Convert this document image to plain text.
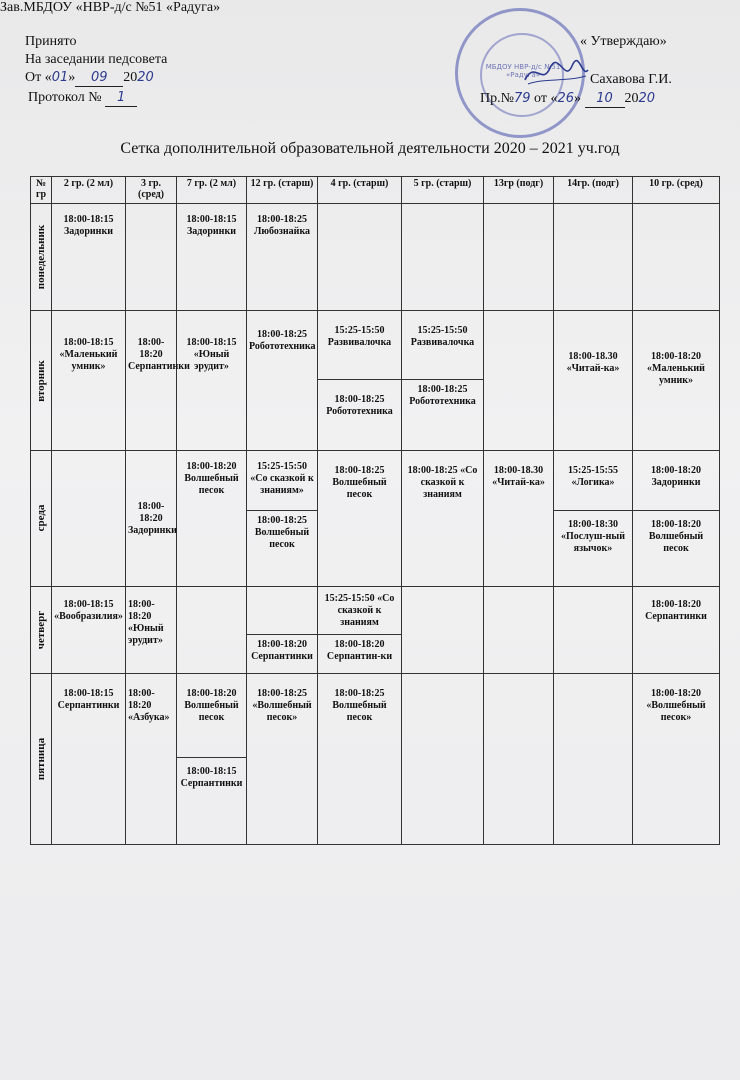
Принято
На заседании педсовета
От «01» 09 2020
Протокол № 1
МБДОУ НВР-д/с №51 «Радуга»
« Утверждаю»
Зав.МБДОУ «НВР-д/с №51 «Радуга»
Сахавова Г.И.
Пр.№79 от «26» 10 2020
Сетка дополнительной образовательной деятельности 2020 – 2021 уч.год
№ гр	2 гр. (2 мл)	3 гр. (сред)	7 гр. (2 мл)	12 гр. (старш)	4 гр. (старш)	5 гр. (старш)	13гр (подг)	14гр. (подг)	10 гр. (сред)

понедельник	18:00-18:15 Задоринки		18:00-18:15 Задоринки	18:00-18:25 Любознайка					

вторник	18:00-18:15 «Маленький умник»	18:00-18:20 Серпантинки	18:00-18:15 «Юный эрудит»	18:00-18:25 Робототехника	15:25-15:50 Развивалочка	15:25-15:50 Развивалочка		18:00-18.30 «Читай-ка»	18:00-18:20 «Маленький умник»
					18:00-18:25 Робототехника	18:00-18:25 Робототехника			

среда		18:00-18:20 Задоринки	18:00-18:20 Волшебный песок	15:25-15:50 «Со сказкой к знаниям»	18:00-18:25 Волшебный песок	18:00-18:25 «Со сказкой к знаниям	18:00-18.30 «Читай-ка»	15:25-15:55 «Логика»	18:00-18:20 Задоринки
				18:00-18:25 Волшебный песок				18:00-18:30 «Послуш-ный язычок»	18:00-18:20 Волшебный песок

четверг	18:00-18:15 «Вообразилия»	18:00-18:20 «Юный эрудит»			15:25-15:50 «Со сказкой к знаниям				18:00-18:20 Серпантинки
				18:00-18:20 Серпантинки	18:00-18:20 Серпантин-ки				

пятница	18:00-18:15 Серпантинки	18:00-18:20 «Азбука»	18:00-18:20 Волшебный песок	18:00-18:25 «Волшебный песок»	18:00-18:25 Волшебный песок				18:00-18:20 «Волшебный песок»
			18:00-18:15 Серпантинки						
